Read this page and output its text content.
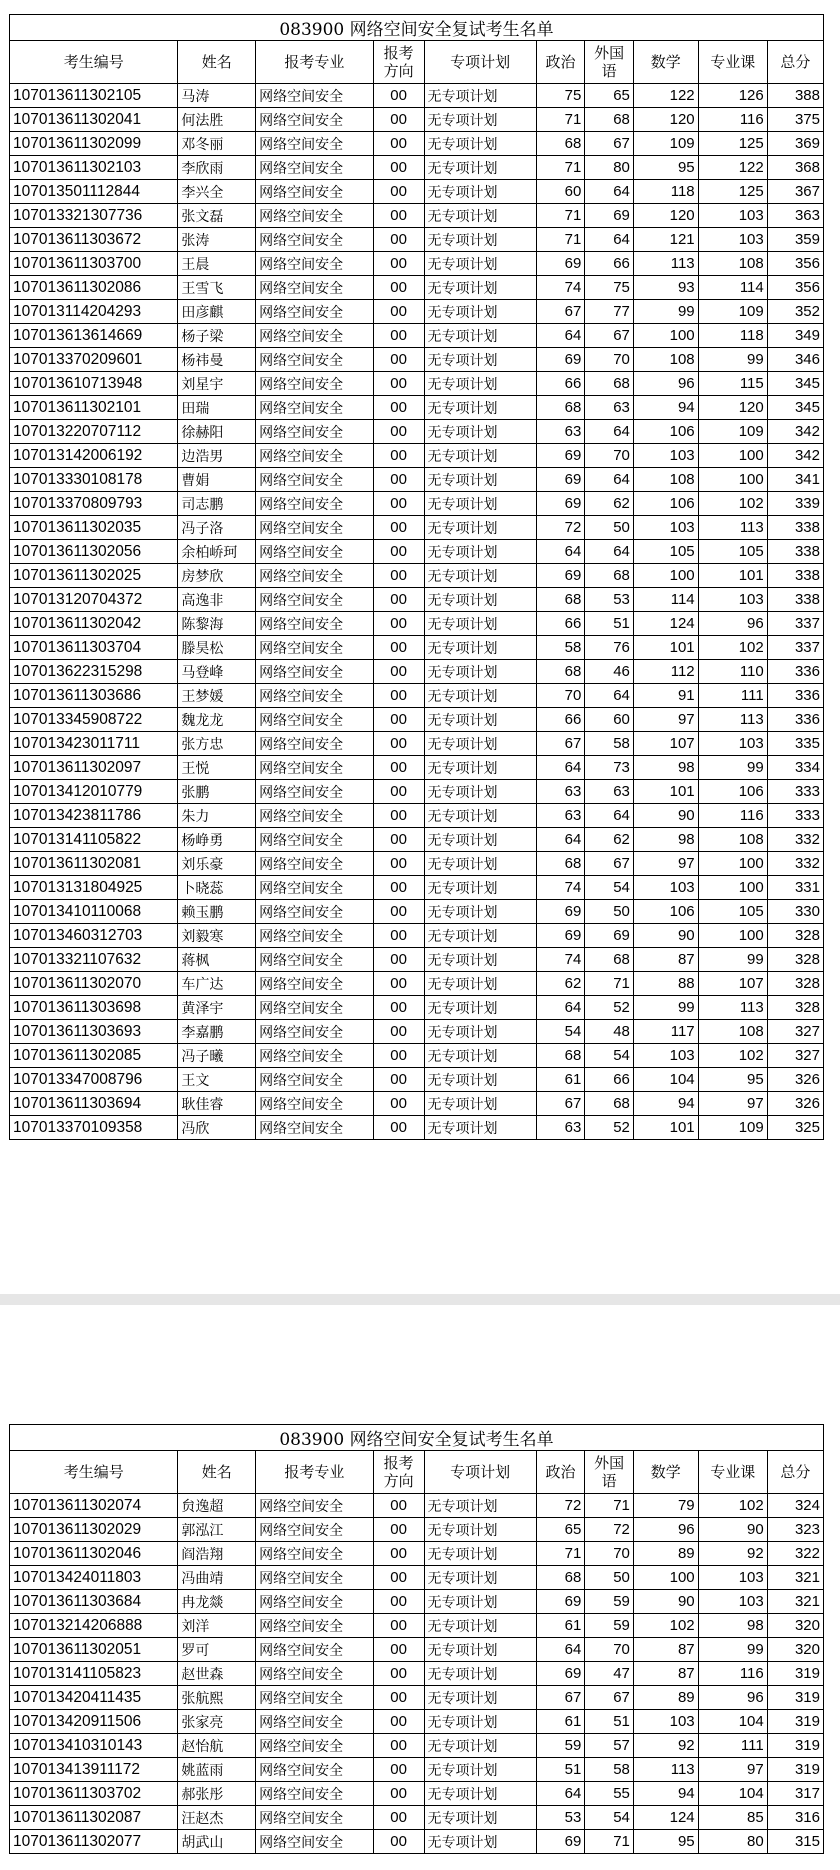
083900 网络空间安全复试考生名单									
考生编号	姓名	报考专业	报考方向	专项计划	政治	外国语	数学	专业课	总分
107013611302105	马涛	网络空间安全	00	无专项计划	75	65	122	126	388
107013611302041	何法胜	网络空间安全	00	无专项计划	71	68	120	116	375
107013611302099	邓冬丽	网络空间安全	00	无专项计划	68	67	109	125	369
107013611302103	李欣雨	网络空间安全	00	无专项计划	71	80	95	122	368
107013501112844	李兴全	网络空间安全	00	无专项计划	60	64	118	125	367
107013321307736	张文磊	网络空间安全	00	无专项计划	71	69	120	103	363
107013611303672	张涛	网络空间安全	00	无专项计划	71	64	121	103	359
107013611303700	王晨	网络空间安全	00	无专项计划	69	66	113	108	356
107013611302086	王雪飞	网络空间安全	00	无专项计划	74	75	93	114	356
107013114204293	田彦麒	网络空间安全	00	无专项计划	67	77	99	109	352
107013613614669	杨子梁	网络空间安全	00	无专项计划	64	67	100	118	349
107013370209601	杨祎曼	网络空间安全	00	无专项计划	69	70	108	99	346
107013610713948	刘星宇	网络空间安全	00	无专项计划	66	68	96	115	345
107013611302101	田瑞	网络空间安全	00	无专项计划	68	63	94	120	345
107013220707112	徐赫阳	网络空间安全	00	无专项计划	63	64	106	109	342
107013142006192	边浩男	网络空间安全	00	无专项计划	69	70	103	100	342
107013330108178	曹娟	网络空间安全	00	无专项计划	69	64	108	100	341
107013370809793	司志鹏	网络空间安全	00	无专项计划	69	62	106	102	339
107013611302035	冯子洛	网络空间安全	00	无专项计划	72	50	103	113	338
107013611302056	余柏峤珂	网络空间安全	00	无专项计划	64	64	105	105	338
107013611302025	房梦欣	网络空间安全	00	无专项计划	69	68	100	101	338
107013120704372	高逸非	网络空间安全	00	无专项计划	68	53	114	103	338
107013611302042	陈黎海	网络空间安全	00	无专项计划	66	51	124	96	337
107013611303704	滕昊松	网络空间安全	00	无专项计划	58	76	101	102	337
107013622315298	马登峰	网络空间安全	00	无专项计划	68	46	112	110	336
107013611303686	王梦媛	网络空间安全	00	无专项计划	70	64	91	111	336
107013345908722	魏龙龙	网络空间安全	00	无专项计划	66	60	97	113	336
107013423011711	张方忠	网络空间安全	00	无专项计划	67	58	107	103	335
107013611302097	王悦	网络空间安全	00	无专项计划	64	73	98	99	334
107013412010779	张鹏	网络空间安全	00	无专项计划	63	63	101	106	333
107013423811786	朱力	网络空间安全	00	无专项计划	63	64	90	116	333
107013141105822	杨峥勇	网络空间安全	00	无专项计划	64	62	98	108	332
107013611302081	刘乐豪	网络空间安全	00	无专项计划	68	67	97	100	332
107013131804925	卜晓蕊	网络空间安全	00	无专项计划	74	54	103	100	331
107013410110068	赖玉鹏	网络空间安全	00	无专项计划	69	50	106	105	330
107013460312703	刘毅寒	网络空间安全	00	无专项计划	69	69	90	100	328
107013321107632	蒋枫	网络空间安全	00	无专项计划	74	68	87	99	328
107013611302070	车广达	网络空间安全	00	无专项计划	62	71	88	107	328
107013611303698	黄泽宇	网络空间安全	00	无专项计划	64	52	99	113	328
107013611303693	李嘉鹏	网络空间安全	00	无专项计划	54	48	117	108	327
107013611302085	冯子曦	网络空间安全	00	无专项计划	68	54	103	102	327
107013347008796	王文	网络空间安全	00	无专项计划	61	66	104	95	326
107013611303694	耿佳睿	网络空间安全	00	无专项计划	67	68	94	97	326
107013370109358	冯欣	网络空间安全	00	无专项计划	63	52	101	109	325
083900 网络空间安全复试考生名单									
考生编号	姓名	报考专业	报考方向	专项计划	政治	外国语	数学	专业课	总分
107013611302074	贠逸超	网络空间安全	00	无专项计划	72	71	79	102	324
107013611302029	郭泓江	网络空间安全	00	无专项计划	65	72	96	90	323
107013611302046	阎浩翔	网络空间安全	00	无专项计划	71	70	89	92	322
107013424011803	冯曲靖	网络空间安全	00	无专项计划	68	50	100	103	321
107013611303684	冉龙燚	网络空间安全	00	无专项计划	69	59	90	103	321
107013214206888	刘洋	网络空间安全	00	无专项计划	61	59	102	98	320
107013611302051	罗可	网络空间安全	00	无专项计划	64	70	87	99	320
107013141105823	赵世森	网络空间安全	00	无专项计划	69	47	87	116	319
107013420411435	张航熙	网络空间安全	00	无专项计划	67	67	89	96	319
107013420911506	张家亮	网络空间安全	00	无专项计划	61	51	103	104	319
107013410310143	赵怡航	网络空间安全	00	无专项计划	59	57	92	111	319
107013413911172	姚蓝雨	网络空间安全	00	无专项计划	51	58	113	97	319
107013611303702	郝张彤	网络空间安全	00	无专项计划	64	55	94	104	317
107013611302087	汪赵杰	网络空间安全	00	无专项计划	53	54	124	85	316
107013611302077	胡武山	网络空间安全	00	无专项计划	69	71	95	80	315
